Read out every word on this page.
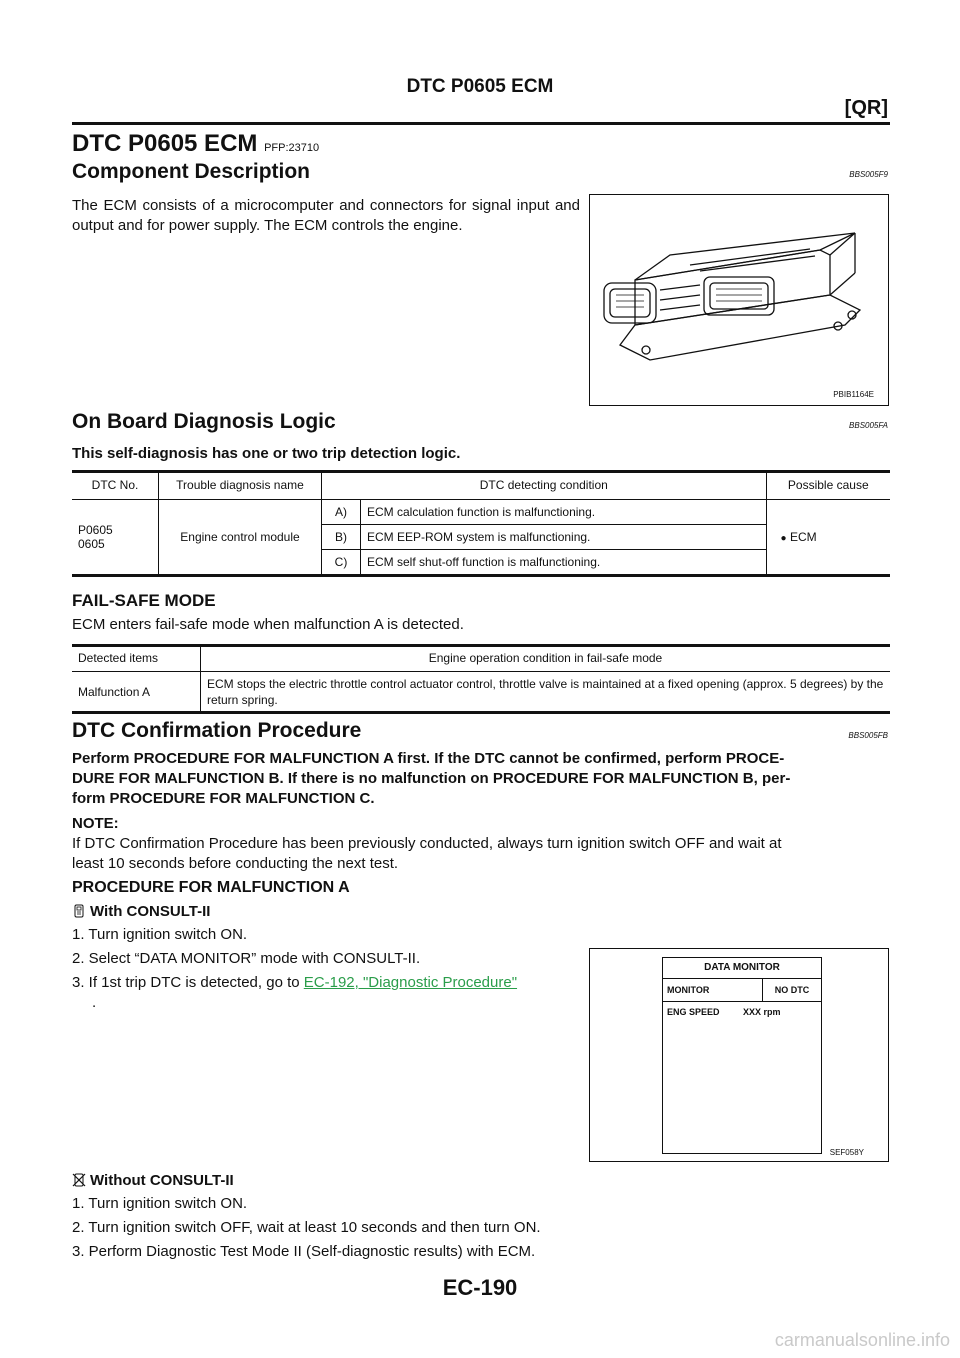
DTC P0605 ECM
[QR]
DTC P0605 ECM PFP:23710
Component Description	BBS005F9
The ECM consists of a microcomputer and connectors for signal input and output and for power supply. The ECM controls the engine.
PBIB1164E
On Board Diagnosis Logic	BBS005FA
This self-diagnosis has one or two trip detection logic.
DTC No.	Trouble diagnosis name	DTC detecting condition		Possible cause

P0605
0605	Engine control module	A)	ECM calculation function is malfunctioning.	● ECM
		B)	ECM EEP-ROM system is malfunctioning.	
		C)	ECM self shut-off function is malfunctioning.	
FAIL-SAFE MODE
ECM enters fail-safe mode when malfunction A is detected.
Detected items	Engine operation condition in fail-safe mode
Malfunction A	ECM stops the electric throttle control actuator control, throttle valve is maintained at a fixed opening (approx. 5 degrees) by the return spring.
DTC Confirmation Procedure	BBS005FB
Perform PROCEDURE FOR MALFUNCTION A first. If the DTC cannot be confirmed, perform PROCE-
DURE FOR MALFUNCTION B. If there is no malfunction on PROCEDURE FOR MALFUNCTION B, per-
form PROCEDURE FOR MALFUNCTION C.
NOTE:
If DTC Confirmation Procedure has been previously conducted, always turn ignition switch OFF and wait at
least 10 seconds before conducting the next test.
PROCEDURE FOR MALFUNCTION A
With CONSULT-II
1. Turn ignition switch ON.
2. Select “DATA MONITOR” mode with CONSULT-II.
3. If 1st trip DTC is detected, go to EC-192, "Diagnostic Procedure"
.
DATA MONITOR
MONITOR	NO DTC
ENG SPEED	XXX rpm
SEF058Y
Without CONSULT-II
1. Turn ignition switch ON.
2. Turn ignition switch OFF, wait at least 10 seconds and then turn ON.
3. Perform Diagnostic Test Mode II (Self-diagnostic results) with ECM.
EC-190
carmanualsonline.info
